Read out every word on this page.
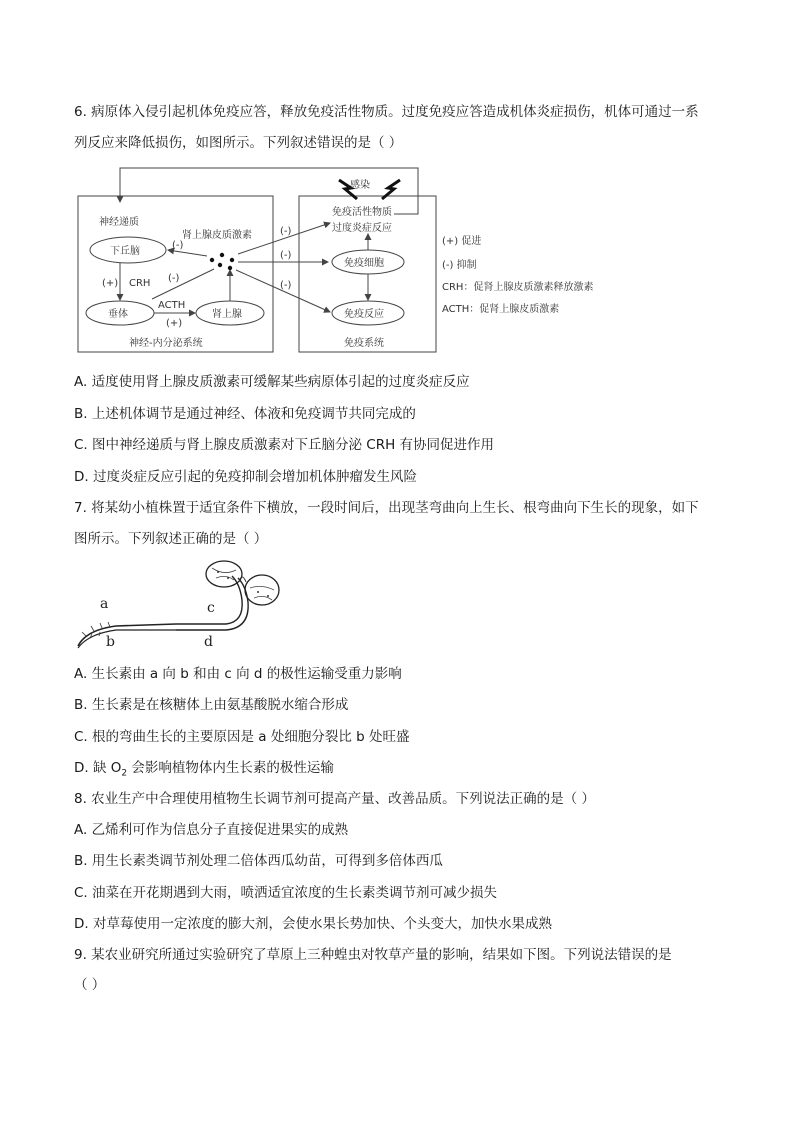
6. 病原体入侵引起机体免疫应答，释放免疫活性物质。过度免疫应答造成机体炎症损伤，机体可通过一系
列反应来降低损伤，如图所示。下列叙述错误的是（ ）
神经递质
肾上腺皮质激素
下丘脑
垂体	肾上腺
(+) CRH
ACTH
(+)
(-)
(-)
(-)
(-)
(-)
感染
免疫活性物质
过度炎症反应
免疫细胞
免疫反应
神经-内分泌系统	免疫系统
(+) 促进
(-) 抑制
CRH：促肾上腺皮质激素释放激素
ACTH：促肾上腺皮质激素
A. 适度使用肾上腺皮质激素可缓解某些病原体引起的过度炎症反应
B. 上述机体调节是通过神经、体液和免疫调节共同完成的
C. 图中神经递质与肾上腺皮质激素对下丘脑分泌 CRH 有协同促进作用
D. 过度炎症反应引起的免疫抑制会增加机体肿瘤发生风险
7. 将某幼小植株置于适宜条件下横放，一段时间后，出现茎弯曲向上生长、根弯曲向下生长的现象，如下
图所示。下列叙述正确的是（ ）
a
b
c
d
A. 生长素由 a 向 b 和由 c 向 d 的极性运输受重力影响
B. 生长素是在核糖体上由氨基酸脱水缩合形成
C. 根的弯曲生长的主要原因是 a 处细胞分裂比 b 处旺盛
D. 缺 $O_2$ 会影响植物体内生长素的极性运输
8. 农业生产中合理使用植物生长调节剂可提高产量、改善品质。下列说法正确的是（ ）
A. 乙烯利可作为信息分子直接促进果实的成熟
B. 用生长素类调节剂处理二倍体西瓜幼苗，可得到多倍体西瓜
C. 油菜在开花期遇到大雨，喷洒适宜浓度的生长素类调节剂可减少损失
D. 对草莓使用一定浓度的膨大剂，会使水果长势加快、个头变大，加快水果成熟
9. 某农业研究所通过实验研究了草原上三种蝗虫对牧草产量的影响，结果如下图。下列说法错误的是
（ ）
